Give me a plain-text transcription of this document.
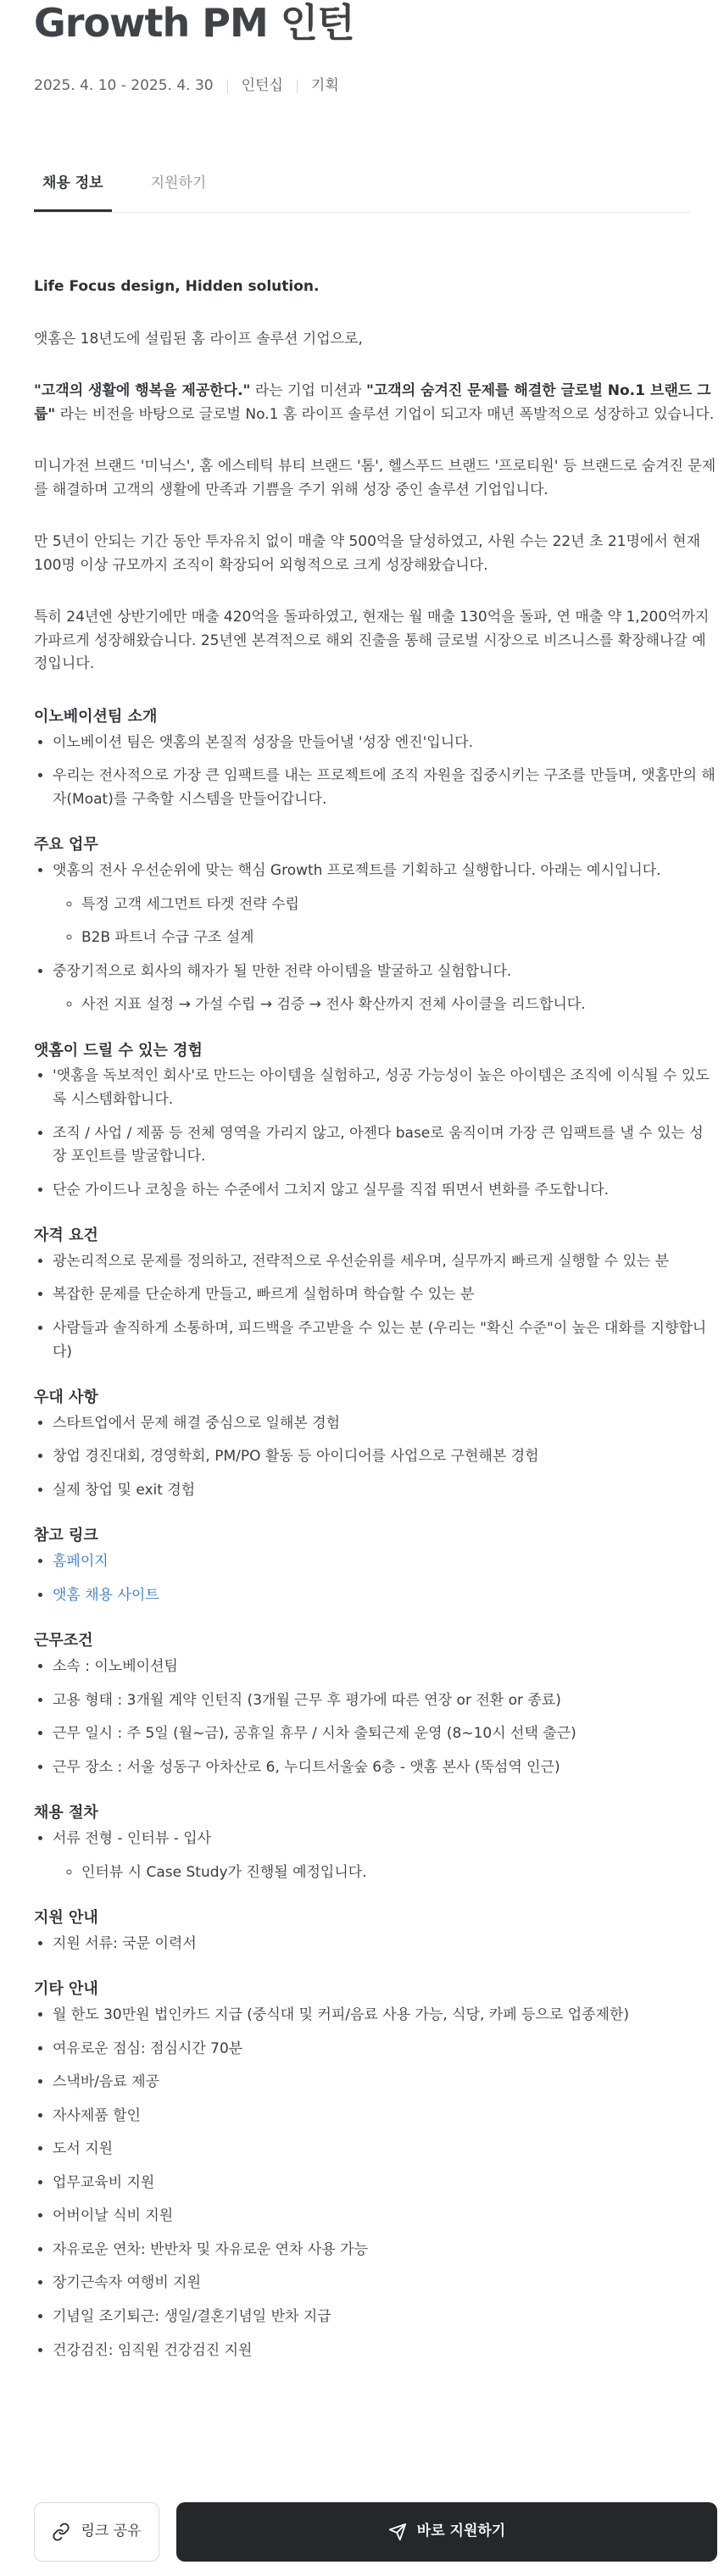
Growth PM 인턴
2025. 4. 10 - 2025. 4. 30 인턴십 기획
채용 정보	지원하기

Life Focus design, Hidden solution.

앳홈은 18년도에 설립된 홈 라이프 솔루션 기업으로,

"고객의 생활에 행복을 제공한다." 라는 기업 미션과 "고객의 숨겨진 문제를 해결한 글로벌 No.1 브랜드 그룹" 라는 비전을 바탕으로 글로벌 No.1 홈 라이프 솔루션 기업이 되고자 매년 폭발적으로 성장하고 있습니다.

미니가전 브랜드 '미닉스', 홈 에스테틱 뷰티 브랜드 '톰', 헬스푸드 브랜드 '프로티원' 등 브랜드로 숨겨진 문제를 해결하며 고객의 생활에 만족과 기쁨을 주기 위해 성장 중인 솔루션 기업입니다.

만 5년이 안되는 기간 동안 투자유치 없이 매출 약 500억을 달성하였고, 사원 수는 22년 초 21명에서 현재 100명 이상 규모까지 조직이 확장되어 외형적으로 크게 성장해왔습니다.

특히 24년엔 상반기에만 매출 420억을 돌파하였고, 현재는 월 매출 130억을 돌파, 연 매출 약 1,200억까지 가파르게 성장해왔습니다. 25년엔 본격적으로 해외 진출을 통해 글로벌 시장으로 비즈니스를 확장해나갈 예정입니다.

이노베이션팀 소개
• 이노베이션 팀은 앳홈의 본질적 성장을 만들어낼 '성장 엔진'입니다.
• 우리는 전사적으로 가장 큰 임팩트를 내는 프로젝트에 조직 자원을 집중시키는 구조를 만들며, 앳홈만의 해자(Moat)를 구축할 시스템을 만들어갑니다.
주요 업무
• 앳홈의 전사 우선순위에 맞는 핵심 Growth 프로젝트를 기획하고 실행합니다. 아래는 예시입니다.
◦ 특정 고객 세그먼트 타겟 전략 수립
◦ B2B 파트너 수급 구조 설계
• 중장기적으로 회사의 해자가 될 만한 전략 아이템을 발굴하고 실험합니다.
◦ 사전 지표 설정 → 가설 수립 → 검증 → 전사 확산까지 전체 사이클을 리드합니다.
앳홈이 드릴 수 있는 경험
• '앳홈을 독보적인 회사'로 만드는 아이템을 실험하고, 성공 가능성이 높은 아이템은 조직에 이식될 수 있도록 시스템화합니다.
• 조직 / 사업 / 제품 등 전체 영역을 가리지 않고, 아젠다 base로 움직이며 가장 큰 임팩트를 낼 수 있는 성장 포인트를 발굴합니다.
• 단순 가이드나 코칭을 하는 수준에서 그치지 않고 실무를 직접 뛰면서 변화를 주도합니다.
자격 요건
• 광논리적으로 문제를 정의하고, 전략적으로 우선순위를 세우며, 실무까지 빠르게 실행할 수 있는 분
• 복잡한 문제를 단순하게 만들고, 빠르게 실험하며 학습할 수 있는 분
• 사람들과 솔직하게 소통하며, 피드백을 주고받을 수 있는 분 (우리는 "확신 수준"이 높은 대화를 지향합니다)
우대 사항
• 스타트업에서 문제 해결 중심으로 일해본 경험
• 창업 경진대회, 경영학회, PM/PO 활동 등 아이디어를 사업으로 구현해본 경험
• 실제 창업 및 exit 경험
참고 링크
• 홈페이지
• 앳홈 채용 사이트
근무조건
• 소속 : 이노베이션팀
• 고용 형태 : 3개월 계약 인턴직 (3개월 근무 후 평가에 따른 연장 or 전환 or 종료)
• 근무 일시 : 주 5일 (월~금), 공휴일 휴무 / 시차 출퇴근제 운영 (8~10시 선택 출근)
• 근무 장소 : 서울 성동구 아차산로 6, 누디트서울숲 6층 - 앳홈 본사 (뚝섬역 인근)
채용 절차
• 서류 전형 - 인터뷰 - 입사
◦ 인터뷰 시 Case Study가 진행될 예정입니다.
지원 안내
• 지원 서류: 국문 이력서
기타 안내
• 월 한도 30만원 법인카드 지급 (중식대 및 커피/음료 사용 가능, 식당, 카페 등으로 업종제한)
• 여유로운 점심: 점심시간 70분
• 스낵바/음료 제공
• 자사제품 할인
• 도서 지원
• 업무교육비 지원
• 어버이날 식비 지원
• 자유로운 연차: 반반차 및 자유로운 연차 사용 가능
• 장기근속자 여행비 지원
• 기념일 조기퇴근: 생일/결혼기념일 반차 지급
• 건강검진: 임직원 건강검진 지원
링크 공유	바로 지원하기
